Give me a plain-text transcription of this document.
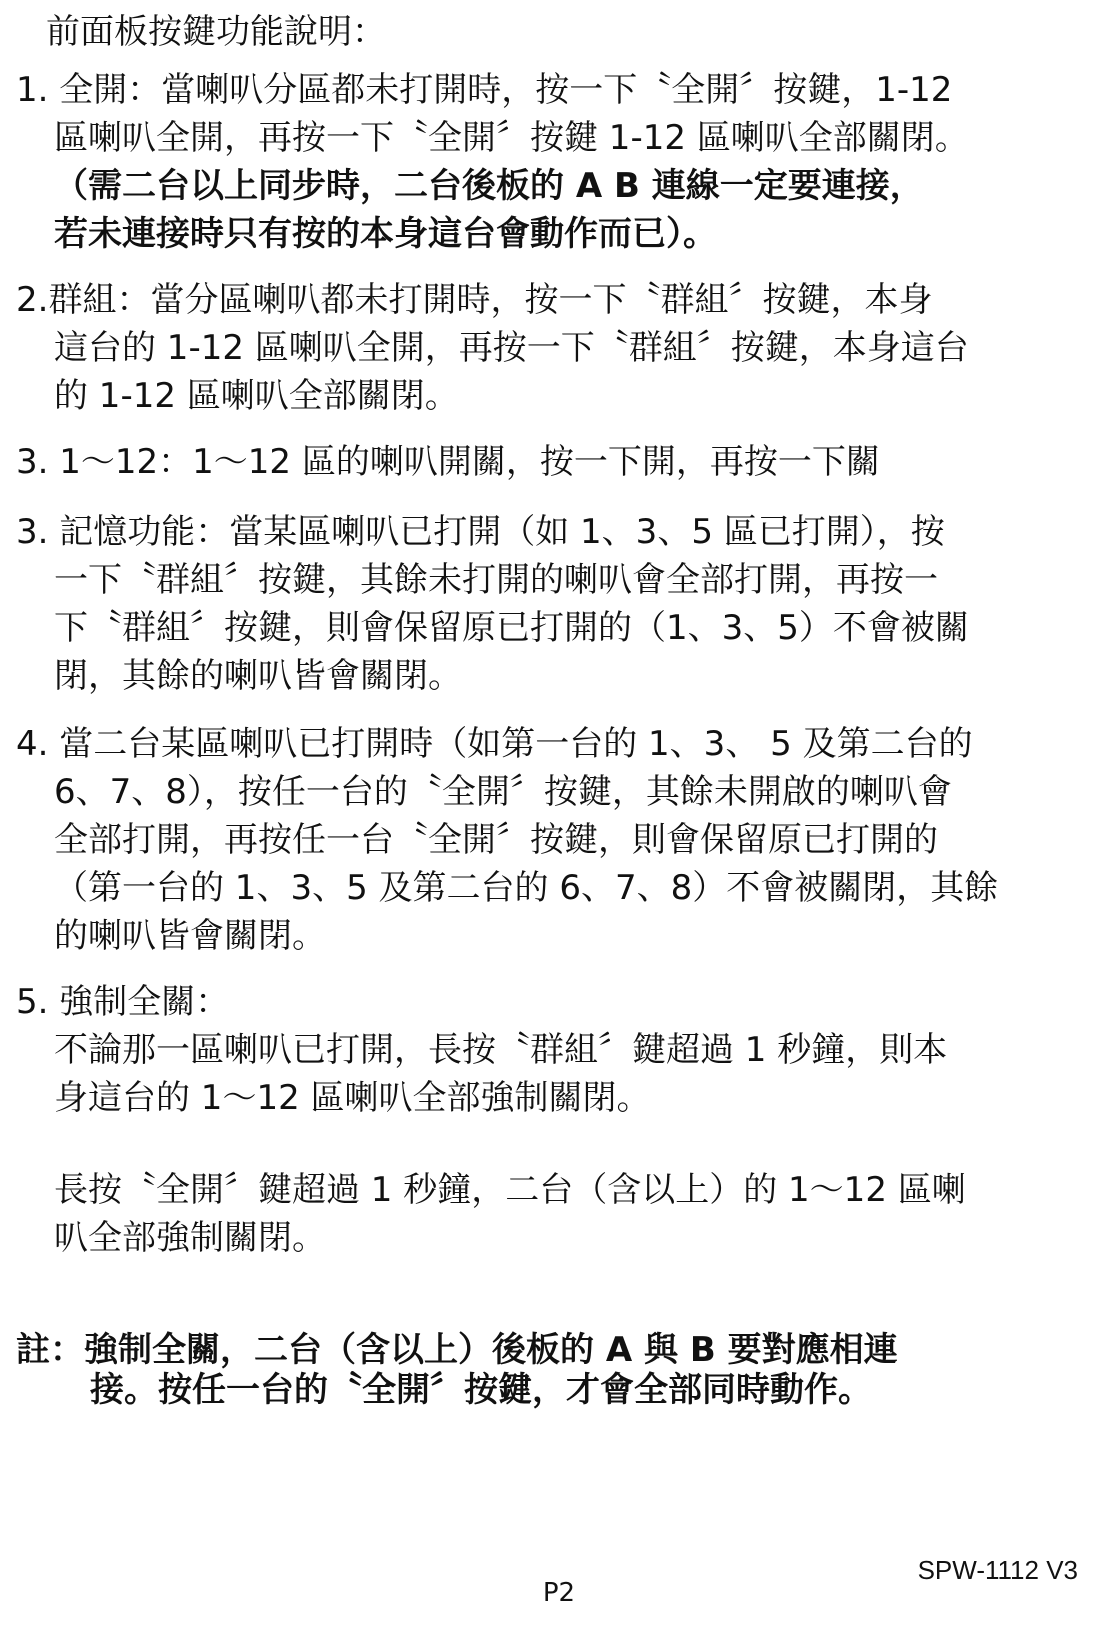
前面板按鍵功能說明：
1. 全開：當喇叭分區都未打開時，按一下〝全開〞按鍵，1-12
區喇叭全開，再按一下〝全開〞按鍵 1-12 區喇叭全部關閉。
（需二台以上同步時，二台後板的 A B 連線一定要連接，
若未連接時只有按的本身這台會動作而已）。
2.群組：當分區喇叭都未打開時，按一下〝群組〞按鍵，本身
這台的 1-12 區喇叭全開，再按一下〝群組〞按鍵，本身這台
的 1-12 區喇叭全部關閉。
3. 1～12：1～12 區的喇叭開關，按一下開，再按一下關
3. 記憶功能：當某區喇叭已打開（如 1、3、5 區已打開），按
一下〝群組〞按鍵，其餘未打開的喇叭會全部打開，再按一
下〝群組〞按鍵，則會保留原已打開的（1、3、5）不會被關
閉，其餘的喇叭皆會關閉。
4. 當二台某區喇叭已打開時（如第一台的 1、3、 5 及第二台的
6、7、8），按任一台的〝全開〞按鍵，其餘未開啟的喇叭會
全部打開，再按任一台〝全開〞按鍵，則會保留原已打開的
（第一台的 1、3、5 及第二台的 6、7、8）不會被關閉，其餘
的喇叭皆會關閉。
5. 強制全關：
不論那一區喇叭已打開，長按〝群組〞鍵超過 1 秒鐘，則本
身這台的 1～12 區喇叭全部強制關閉。
長按〝全開〞鍵超過 1 秒鐘，二台（含以上）的 1～12 區喇
叭全部強制關閉。
註：強制全關，二台（含以上）後板的 A 與 B 要對應相連
接。按任一台的〝全開〞按鍵，才會全部同時動作。
SPW-1112 V3
P2
